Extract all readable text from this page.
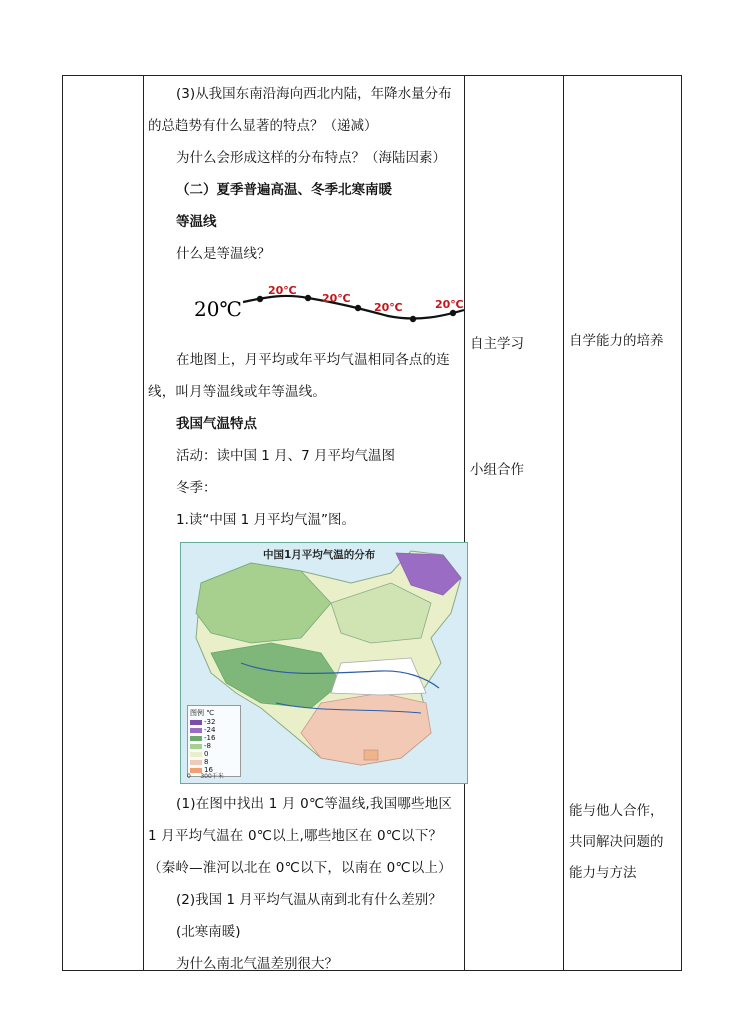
(3)从我国东南沿海向西北内陆，年降水量分布

的总趋势有什么显著的特点？（递减）

为什么会形成这样的分布特点？（海陆因素）

（二）夏季普遍高温、冬季北寒南暖

等温线

什么是等温线？

20℃
20℃
20℃
20℃	20℃

在地图上，月平均或年平均气温相同各点的连线，叫月等温线或年等温线。

我国气温特点

活动：读中国 1 月、7 月平均气温图

冬季：

1.读“中国 1 月平均气温”图。

中国1月平均气温的分布
图例 ℃
-32
-24
-16
-8
0
8
16
0     300千米

(1)在图中找出 1 月 0℃等温线,我国哪些地区 1 月平均气温在 0℃以上,哪些地区在 0℃以下？（秦岭—淮河以北在 0℃以下，以南在 0℃以上）

(2)我国 1 月平均气温从南到北有什么差别？

(北寒南暖)

为什么南北气温差别很大？

自主学习
小组合作
自学能力的培养
能与他人合作，
共同解决问题的
能力与方法
